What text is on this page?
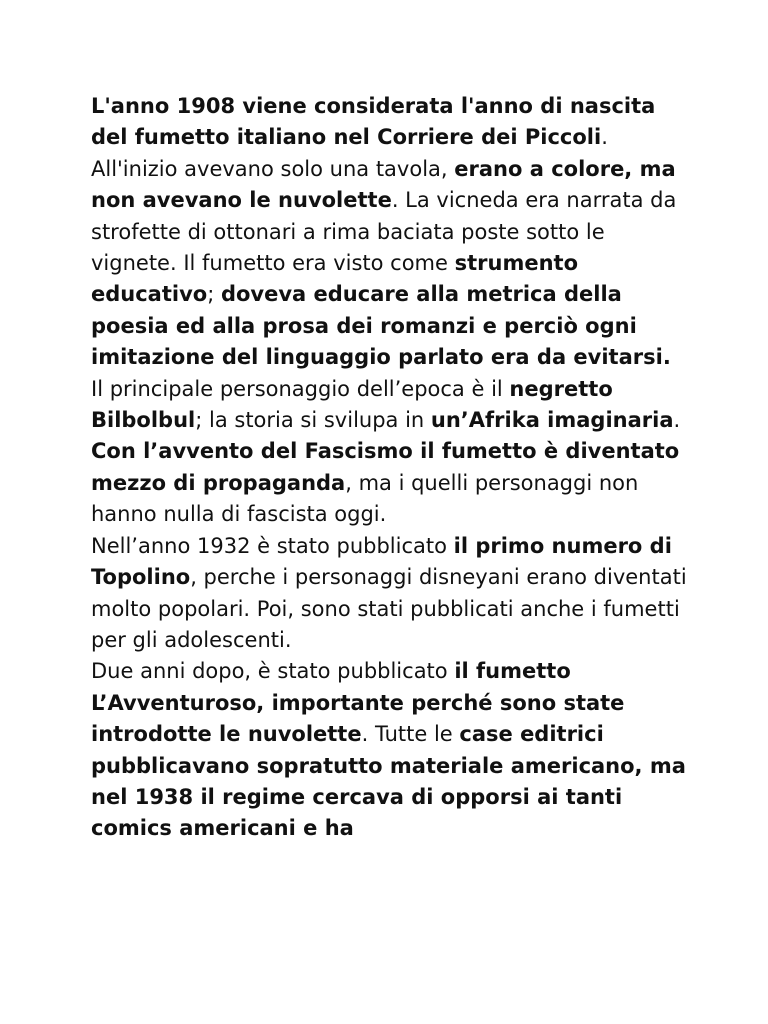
L'anno 1908 viene considerata l'anno di nascita del fumetto italiano nel Corriere dei Piccoli. All'inizio avevano solo una tavola, erano a colore, ma non avevano le nuvolette. La vicneda era narrata da strofette di ottonari a rima baciata poste sotto le vignete. Il fumetto era visto come strumento educativo; doveva educare alla metrica della poesia ed alla prosa dei romanzi e perciò ogni imitazione del linguaggio parlato era da evitarsi.

Il principale personaggio dell’epoca è il negretto Bilbolbul; la storia si svilupa in un’Afrika imaginaria.

Con l’avvento del Fascismo il fumetto è diventato mezzo di propaganda, ma i quelli personaggi non hanno nulla di fascista oggi.

Nell’anno 1932 è stato pubblicato il primo numero di Topolino, perche i personaggi disneyani erano diventati molto popolari. Poi, sono stati pubblicati anche i fumetti per gli adolescenti.

Due anni dopo, è stato pubblicato il fumetto L’Avventuroso, importante perché sono state introdotte le nuvolette. Tutte le case editrici pubblicavano sopratutto materiale americano, ma nel 1938 il regime cercava di opporsi ai tanti comics americani e ha
